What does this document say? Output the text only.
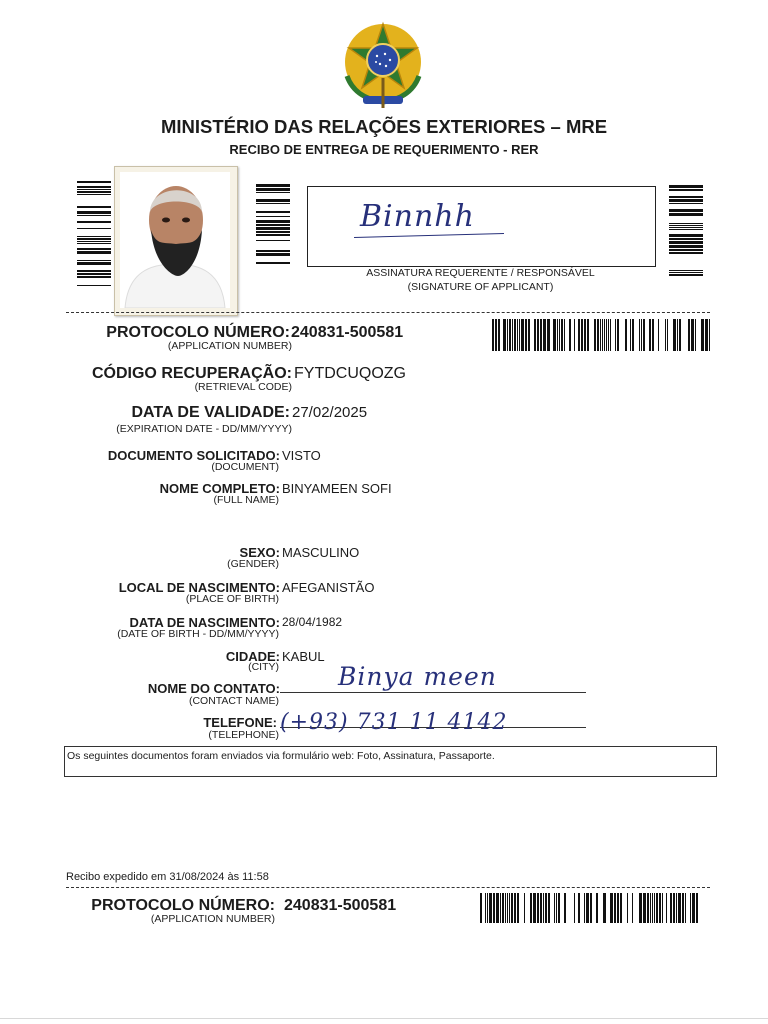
MINISTÉRIO DAS RELAÇÕES EXTERIORES – MRE
RECIBO DE ENTREGA DE REQUERIMENTO - RER
Binnhh
ASSINATURA REQUERENTE / RESPONSÁVEL
(SIGNATURE OF APPLICANT)
PROTOCOLO NÚMERO: 240831-500581
(APPLICATION NUMBER)
CÓDIGO RECUPERAÇÃO: FYTDCUQOZG
(RETRIEVAL CODE)
DATA DE VALIDADE: 27/02/2025
(EXPIRATION DATE - DD/MM/YYYY)
DOCUMENTO SOLICITADO: VISTO
(DOCUMENT)
NOME COMPLETO: BINYAMEEN SOFI
(FULL NAME)
SEXO: MASCULINO
(GENDER)
LOCAL DE NASCIMENTO: AFEGANISTÃO
(PLACE OF BIRTH)
DATA DE NASCIMENTO: 28/04/1982
(DATE OF BIRTH - DD/MM/YYYY)
CIDADE: KABUL
(CITY)
NOME DO CONTATO:
(CONTACT NAME)
Binya meen
TELEFONE:
(TELEPHONE) (+93) 731 11 4142
Os seguintes documentos foram enviados via formulário web: Foto, Assinatura, Passaporte.
Recibo expedido em 31/08/2024 às 11:58
PROTOCOLO NÚMERO: 240831-500581
(APPLICATION NUMBER)
